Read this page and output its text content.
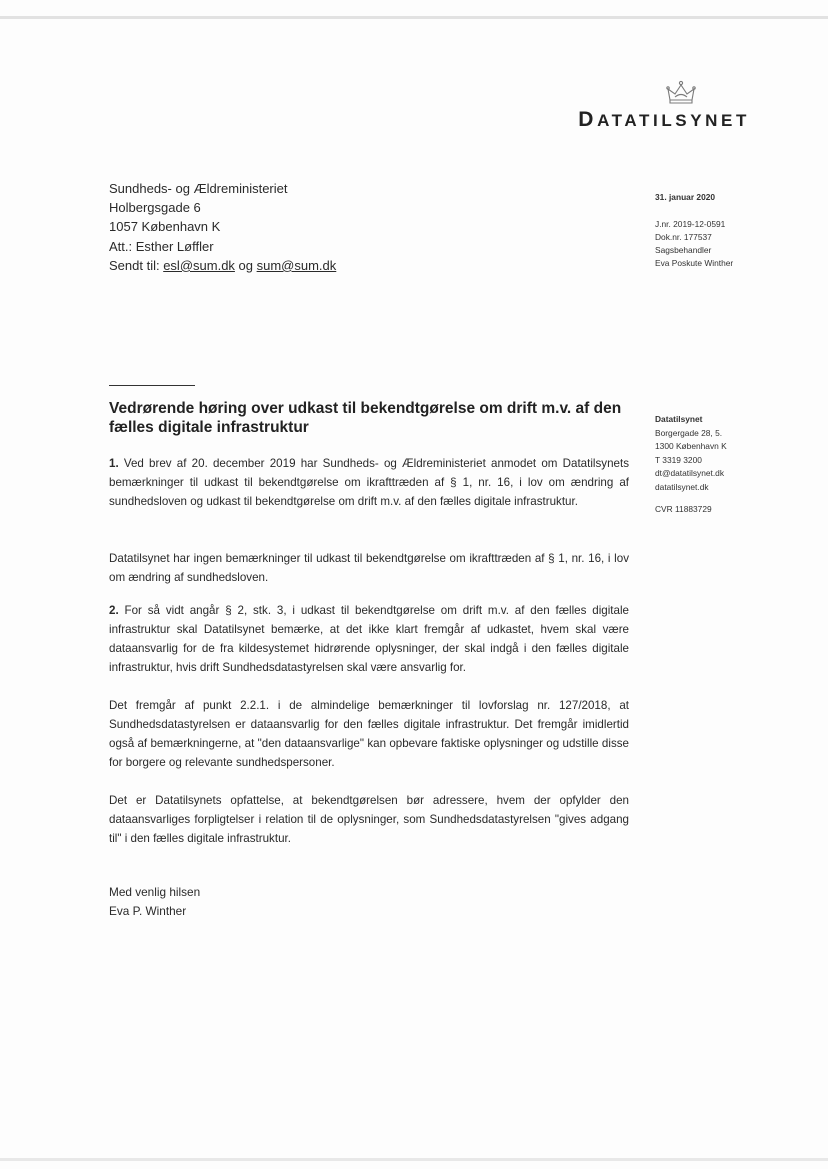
DATATILSYNET
Sundheds- og Ældreministeriet
Holbergsgade 6
1057 København K
Att.: Esther Løffler
Sendt til: esl@sum.dk og sum@sum.dk
31. januar 2020
J.nr. 2019-12-0591
Dok.nr. 177537
Sagsbehandler
Eva Poskute Winther
Vedrørende høring over udkast til bekendtgørelse om drift m.v. af den fælles digitale infrastruktur	Datatilsynet
Borgergade 28, 5.
1300 København K
T 3319 3200
dt@datatilsynet.dk
datatilsynet.dk
CVR 11883729
1. Ved brev af 20. december 2019 har Sundheds- og Ældreministeriet anmodet om Datatilsynets bemærkninger til udkast til bekendtgørelse om ikrafttræden af § 1, nr. 16, i lov om ændring af sundhedsloven og udkast til bekendtgørelse om drift m.v. af den fælles digitale infrastruktur.
Datatilsynet har ingen bemærkninger til udkast til bekendtgørelse om ikrafttræden af § 1, nr. 16, i lov om ændring af sundhedsloven.
2. For så vidt angår § 2, stk. 3, i udkast til bekendtgørelse om drift m.v. af den fælles digitale infrastruktur skal Datatilsynet bemærke, at det ikke klart fremgår af udkastet, hvem skal være dataansvarlig for de fra kildesystemet hidrørende oplysninger, der skal indgå i den fælles digitale infrastruktur, hvis drift Sundhedsdatastyrelsen skal være ansvarlig for.
Det fremgår af punkt 2.2.1. i de almindelige bemærkninger til lovforslag nr. 127/2018, at Sundhedsdatastyrelsen er dataansvarlig for den fælles digitale infrastruktur. Det fremgår imidlertid også af bemærkningerne, at "den dataansvarlige" kan opbevare faktiske oplysninger og udstille disse for borgere og relevante sundhedspersoner.
Det er Datatilsynets opfattelse, at bekendtgørelsen bør adressere, hvem der opfylder den dataansvarliges forpligtelser i relation til de oplysninger, som Sundhedsdatastyrelsen "gives adgang til" i den fælles digitale infrastruktur.
Med venlig hilsen
Eva P. Winther
